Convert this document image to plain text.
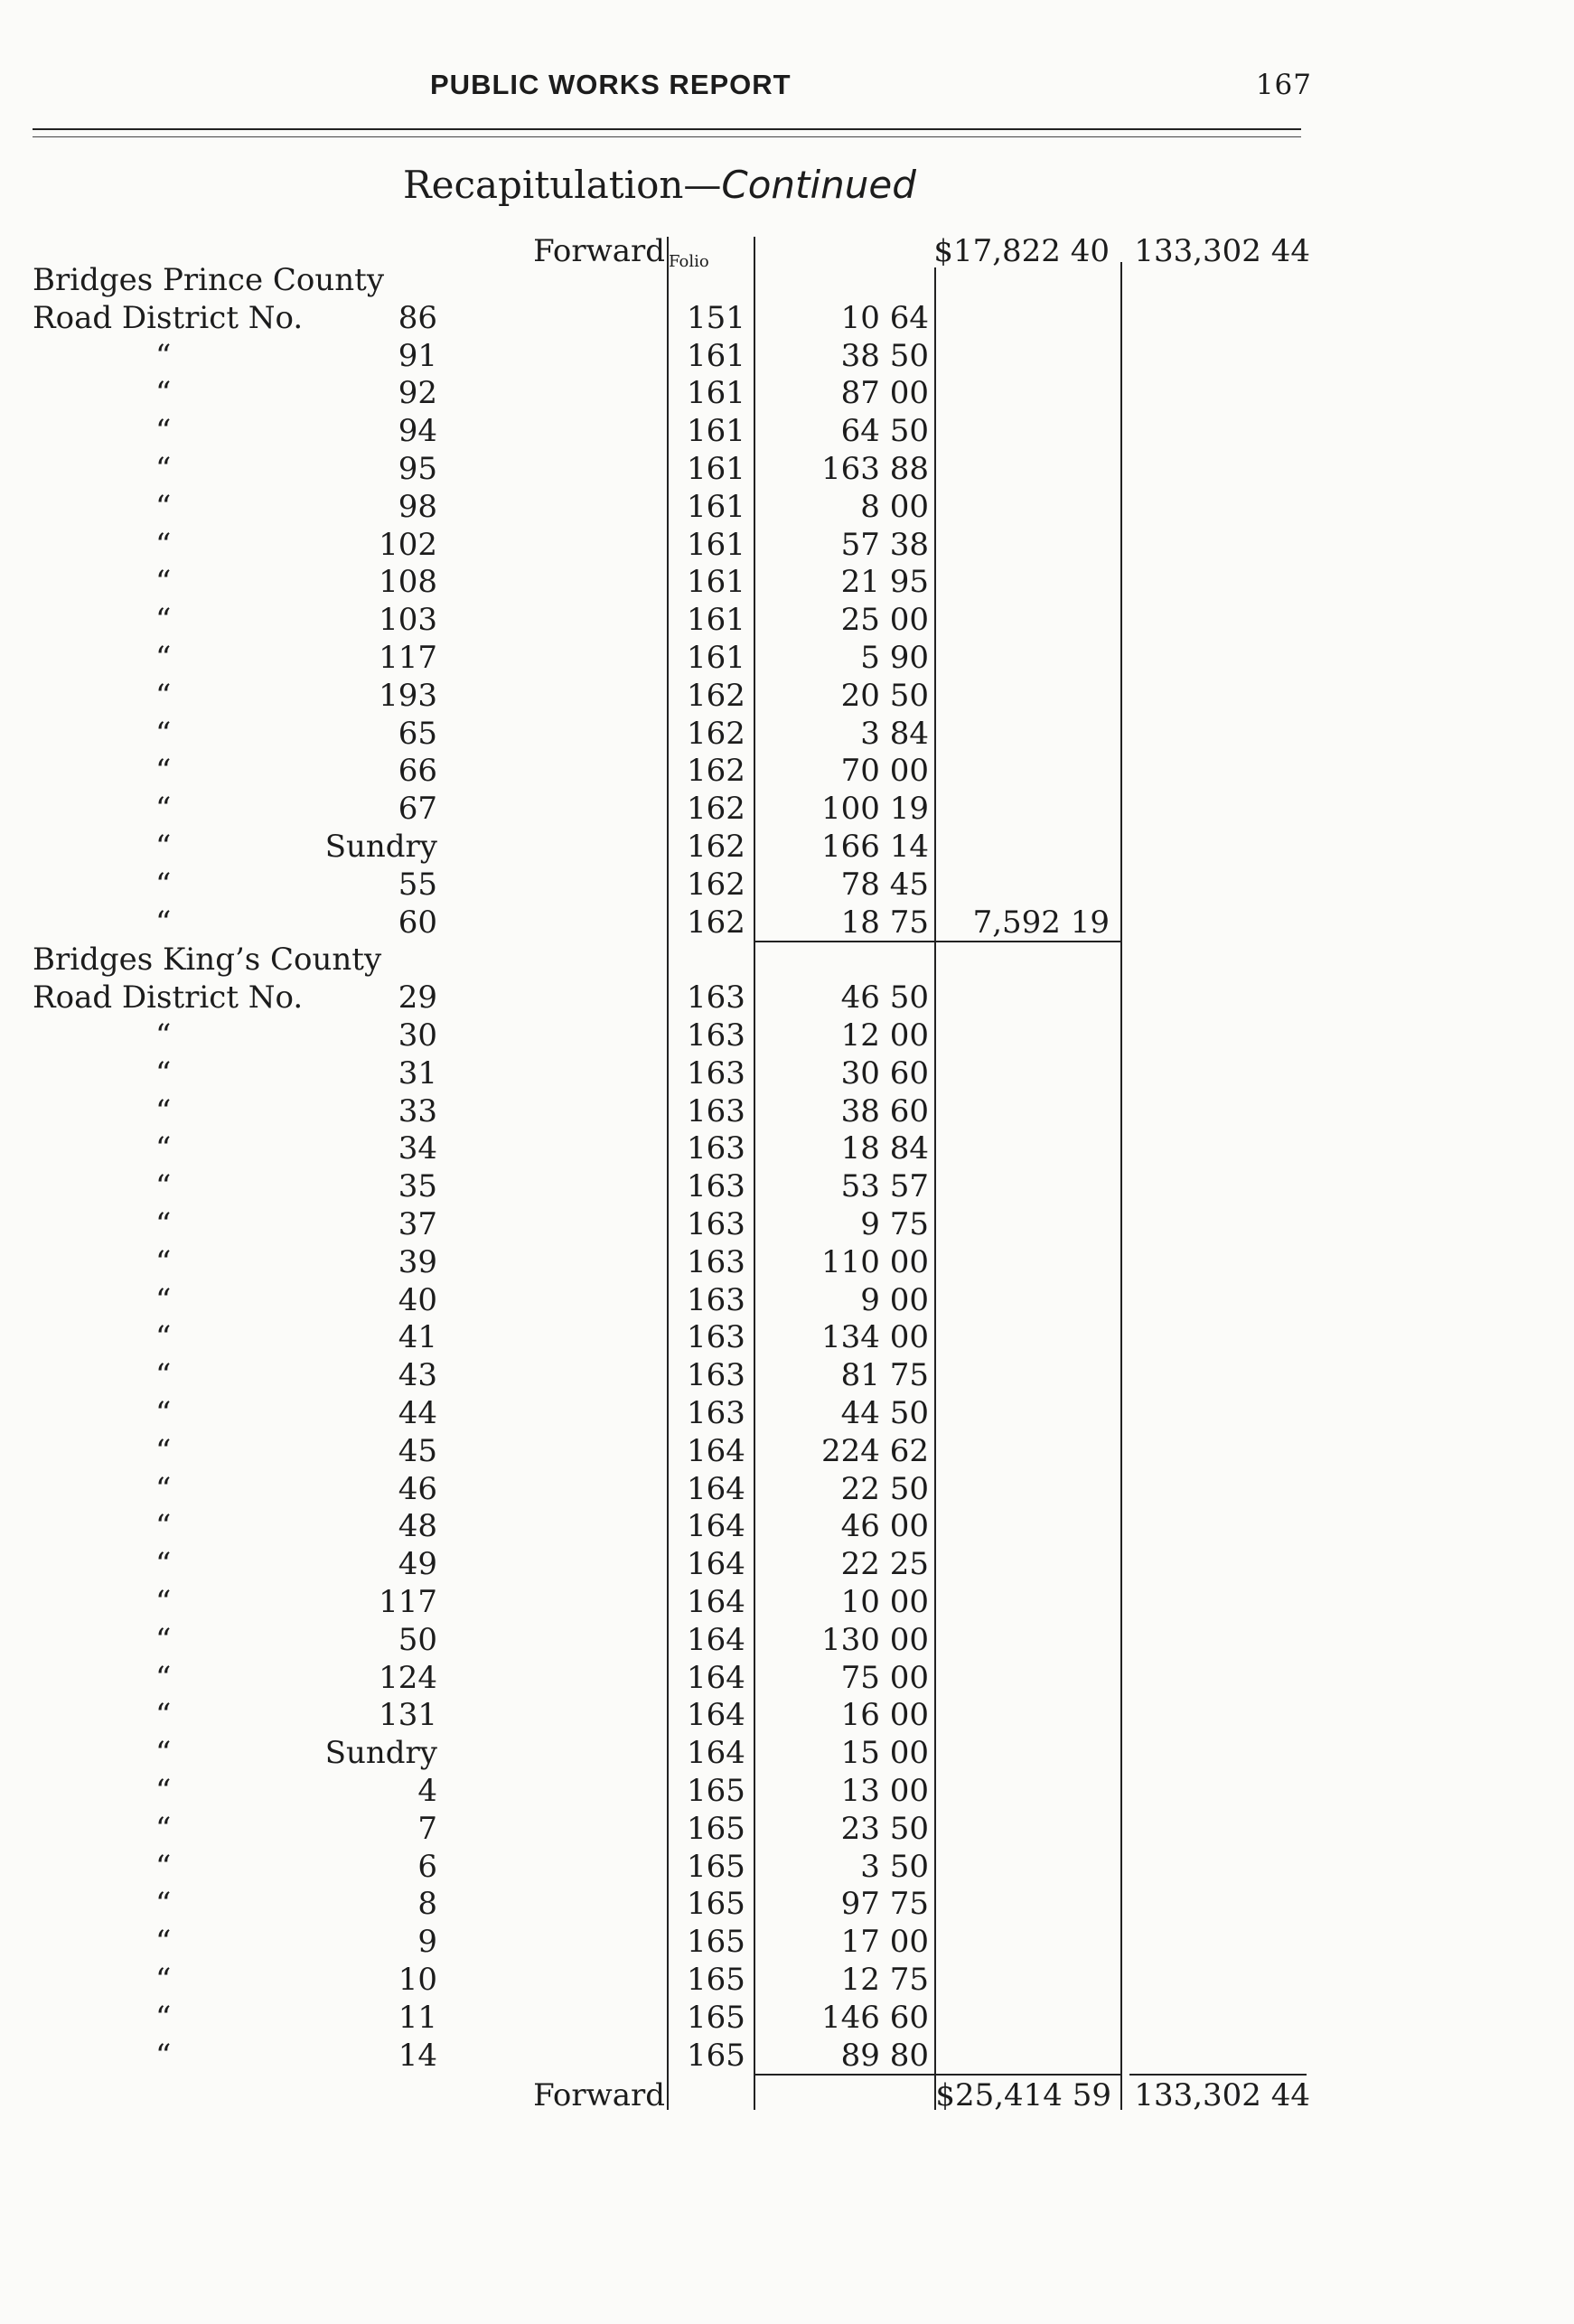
PUBLIC WORKS REPORT	167
Recapitulation—Continued
Forward Folio	$17,822 40 133,302 44
Bridges Prince County
Road District No.	86	151	10 64
“	91	161	38 50
“	92	161	87 00
“	94	161	64 50
“	95	161	163 88
“	98	161	8 00
“	102	161	57 38
“	108	161	21 95
“	103	161	25 00
“	117	161	5 90
“	193	162	20 50
“	65	162	3 84
“	66	162	70 00
“	67	162	100 19
“	Sundry	162	166 14
“	55	162	78 45
“	60	162	18 75	7,592 19
Bridges King’s County
Road District No.	29	163	46 50
“	30	163	12 00
“	31	163	30 60
“	33	163	38 60
“	34	163	18 84
“	35	163	53 57
“	37	163	9 75
“	39	163	110 00
“	40	163	9 00
“	41	163	134 00
“	43	163	81 75
“	44	163	44 50
“	45	164	224 62
“	46	164	22 50
“	48	164	46 00
“	49	164	22 25
“	117	164	10 00
“	50	164	130 00
“	124	164	75 00
“	131	164	16 00
“	Sundry	164	15 00
“	4	165	13 00
“	7	165	23 50
“	6	165	3 50
“	8	165	97 75
“	9	165	17 00
“	10	165	12 75
“	11	165	146 60
“	14	165	89 80
Forward	$25,414 59 133,302 44
